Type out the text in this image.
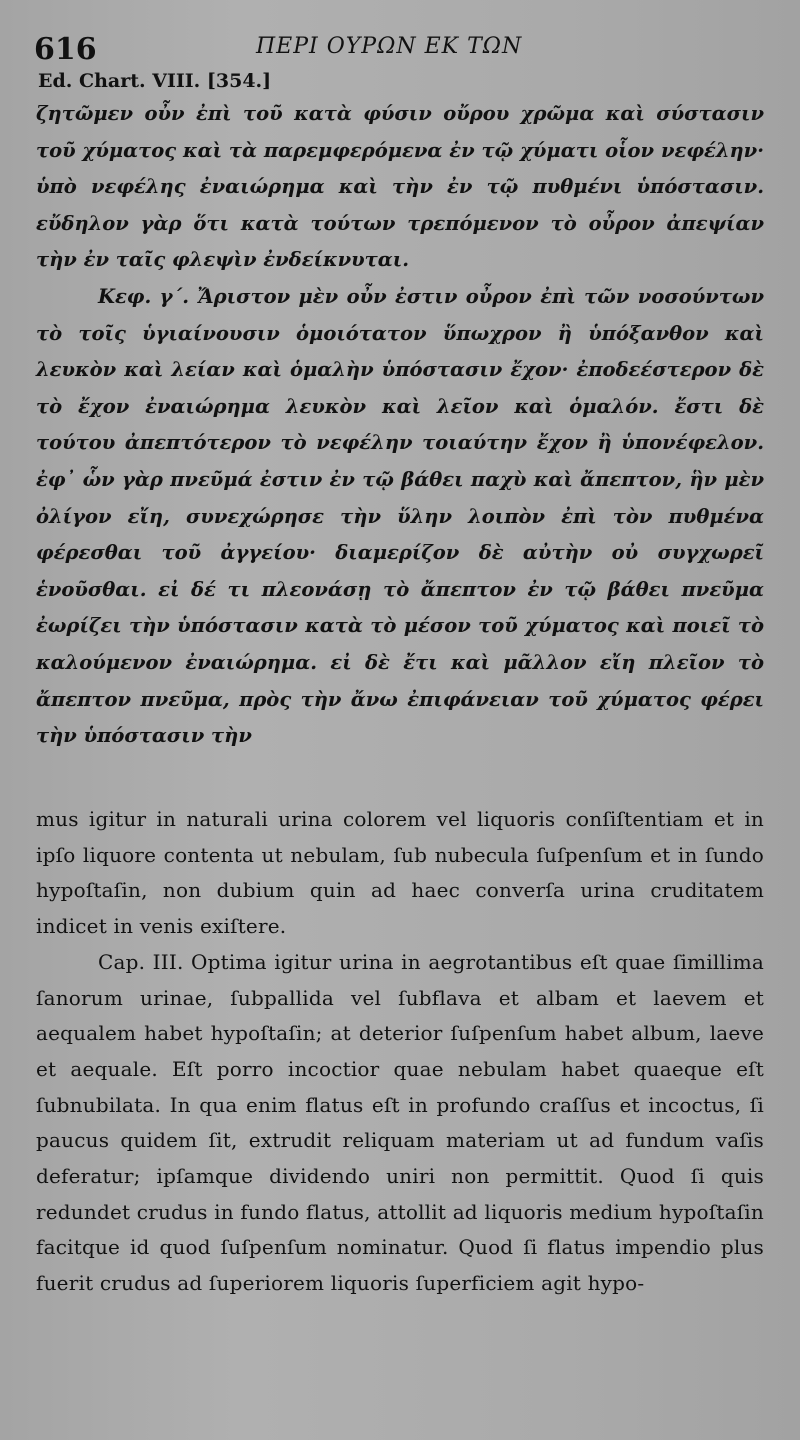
616	ΠΕΡΙ ΟΥΡΩΝ ΕΚ ΤΩΝ
Ed. Chart. VIII. [354.]

ζητῶμεν οὖν ἐπὶ τοῦ κατὰ φύσιν οὔρου χρῶμα καὶ σύστασιν τοῦ χύματος καὶ τὰ παρεμφερόμενα ἐν τῷ χύματι οἷον νεφέλην· ὑπὸ νεφέλης ἐναιώρημα καὶ τὴν ἐν τῷ πυθμένι ὑπόστασιν. εὔδηλον γὰρ ὅτι κατὰ τούτων τρεπόμενον τὸ οὖρον ἀπεψίαν τὴν ἐν ταῖς φλεψὶν ἐνδείκνυται.

Κεφ. γ΄. Ἄριστον μὲν οὖν ἐστιν οὖρον ἐπὶ τῶν νοσούντων τὸ τοῖς ὑγιαίνουσιν ὁμοιότατον ὕπωχρον ἢ ὑπόξανθον καὶ λευκὸν καὶ λείαν καὶ ὁμαλὴν ὑπόστασιν ἔχον· ἐποδεέστερον δὲ τὸ ἔχον ἐναιώρημα λευκὸν καὶ λεῖον καὶ ὁμαλόν. ἔστι δὲ τούτου ἀπεπτότερον τὸ νεφέλην τοιαύτην ἔχον ἢ ὑπονέφελον. ἐφ᾽ ὧν γὰρ πνεῦμά ἐστιν ἐν τῷ βάθει παχὺ καὶ ἄπεπτον, ἣν μὲν ὀλίγον εἴη, συνεχώρησε τὴν ὕλην λοιπὸν ἐπὶ τὸν πυθμένα φέρεσθαι τοῦ ἀγγείου· διαμερίζον δὲ αὐτὴν οὐ συγχωρεῖ ἑνοῦσθαι. εἰ δέ τι πλεονάσῃ τὸ ἄπεπτον ἐν τῷ βάθει πνεῦμα ἐωρίζει τὴν ὑπόστασιν κατὰ τὸ μέσον τοῦ χύματος καὶ ποιεῖ τὸ καλούμενον ἐναιώρημα. εἰ δὲ ἔτι καὶ μᾶλλον εἴη πλεῖον τὸ ἄπεπτον πνεῦμα, πρὸς τὴν ἄνω ἐπιφάνειαν τοῦ χύματος φέρει τὴν ὑπόστασιν τὴν

mus igitur in naturali urina colorem vel liquoris conſiſtentiam et in ipſo liquore contenta ut nebulam, ſub nubecula ſuſpenſum et in ſundo hypoſtaſin, non dubium quin ad haec converſa urina cruditatem indicet in venis exiſtere.

Cap. III. Optima igitur urina in aegrotantibus eſt quae ſimillima ſanorum urinae, ſubpallida vel ſubflava et albam et laevem et aequalem habet hypoſtaſin; at deterior ſuſpenſum habet album, laeve et aequale. Eſt porro incoctior quae nebulam habet quaeque eſt ſubnubilata. In qua enim flatus eſt in profundo craſſus et incoctus, ſi paucus quidem ſit, extrudit reliquam materiam ut ad fundum vaſis deferatur; ipſamque dividendo uniri non permittit. Quod ſi quis redundet crudus in fundo flatus, attollit ad liquoris medium hypoſtaſin facitque id quod ſuſpenſum nominatur. Quod ſi flatus impendio plus fuerit crudus ad ſuperiorem liquoris ſuperficiem agit hypo-
